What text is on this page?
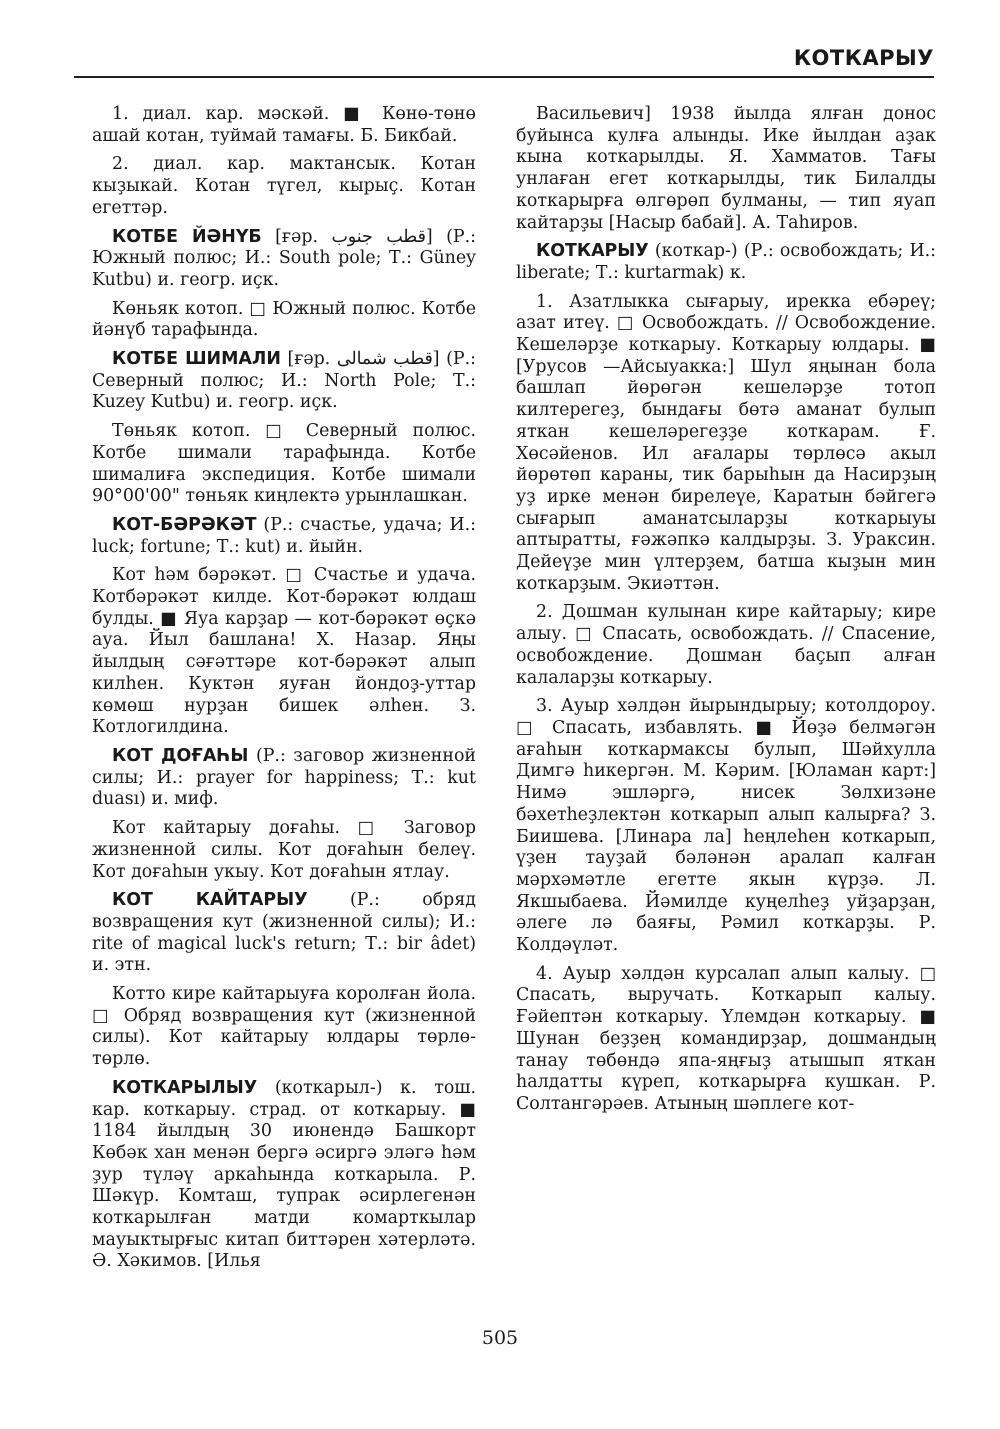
КОТКАРЫУ

1. диал. кар. мәскәй. ■ Көнө-төнө ашай котан, туймай тамағы. Б. Бикбай.

2. диал. кар. мактансык. Котан кыҙыкай. Котан түгел, кырыҫ. Котан егеттәр.

КОТБЕ ЙӘНҮБ [ғәр. قطب جنوب] (Р.: Южный полюс; И.: South pole; Т.: Güney Kutbu) и. геогр. иҫк.

Көньяк котоп. □ Южный полюс. Котбе йәнүб тарафында.

КОТБЕ ШИМАЛИ [ғәр. قطب شمالی] (Р.: Северный полюс; И.: North Pole; Т.: Kuzey Kutbu) и. геогр. иҫк.

Төньяк котоп. □ Северный полюс. Котбе шимали тарафында. Котбе шималиға экспедиция. Котбе шимали 90°00'00" төньяк киңлектә урынлашкан.

КОТ-БӘРӘКӘТ (Р.: счастье, удача; И.: luck; fortune; Т.: kut) и. йыйн.

Кот һәм бәрәкәт. □ Счастье и удача. Котбәрәкәт килде. Кот-бәрәкәт юлдаш булды. ■ Яуа карҙар — кот-бәрәкәт өҫкә ауа. Йыл башлана! Х. Назар. Яңы йылдың сәғәттәре кот-бәрәкәт алып килһен. Куктән яуған йондоҙ-уттар көмөш нурҙан бишек әлһен. З. Котлогилдина.

КОТ ДОҒАҺЫ (Р.: заговор жизненной силы; И.: prayer for happiness; Т.: kut duası) и. миф.

Кот кайтарыу доғаһы. □ Заговор жизненной силы. Кот доғаһын белеү. Кот доғаһын укыу. Кот доғаһын ятлау.

КОТ КАЙТАРЫУ (Р.: обряд возвращения кут (жизненной силы); И.: rite of magical luck's return; Т.: bir âdet) и. этн.

Котто кире кайтарыуға королған йола. □ Обряд возвращения кут (жизненной силы). Кот кайтарыу юлдары төрлө-төрлө.

КОТКАРЫЛЫУ (коткарыл-) к. тош. кар. коткарыу. страд. от коткарыу. ■ 1184 йылдың 30 июнендә Башкорт Көбәк хан менән бергә әсиргә эләгә һәм ҙур түләү аркаһында коткарыла. Р. Шәкүр. Комташ, тупрак әсирлегенән коткарылған матди комарткылар мауыктырғыс китап биттәрен хәтерләтә. Ә. Хәкимов. [Илья

Васильевич] 1938 йылда ялған донос буйынса кулға алынды. Ике йылдан аҙак кына коткарылды. Я. Хамматов. Тағы унлаған егет коткарылды, тик Билалды коткарырға өлгөрөп булманы, — тип яуап кайтарҙы [Насыр бабай]. А. Таһиров.

КОТКАРЫУ (коткар-) (Р.: освобождать; И.: liberate; Т.: kurtarmak) к.

1. Азатлыкка сығарыу, ирекка ебәреү; азат итеү. □ Освобождать. // Освобождение. Кешеләрҙе коткарыу. Коткарыу юлдары. ■ [Урусов —Айсыуакка:] Шул яңынан бола башлап йөрөгән кешеләрҙе тотоп килтерегеҙ, бындағы бөтә аманат булып яткан кешеләрегеҙҙе коткарам. Ғ. Хөсәйенов. Ил ағалары төрлөсә акыл йөрөтөп караны, тик барыһын да Насирҙың уҙ ирке менән бирелеүе, Каратын бәйгегә сығарып аманатсыларҙы коткарыуы аптыратты, ғәжәпкә калдырҙы. З. Ураксин. Дейеүҙе мин үлтерҙем, батша кыҙын мин коткарҙым. Экиәттән.

2. Дошман кулынан кире кайтарыу; кире алыу. □ Спасать, освобождать. // Спасение, освобождение. Дошман баҫып алған калаларҙы коткарыу.

3. Ауыр хәлдән йырындырыу; котолдороу. □ Спасать, избавлять. ■ Йөҙә белмәгән ағаһын коткармаксы булып, Шәйхулла Димгә һикергән. М. Кәрим. [Юламан карт:] Нимә эшләргә, нисек Зөлхизәне бәхетһеҙлектән коткарып алып калырға? З. Биишева. [Линара ла] һеңлеһен коткарып, үҙен тауҙай бәләнән аралап калған мәрхәмәтле егетте якын күрҙә. Л. Якшыбаева. Йәмилде куңелһеҙ уйҙарҙан, әлеге лә баяғы, Рәмил коткарҙы. Р. Колдәүләт.

4. Ауыр хәлдән курсалап алып калыу. □ Спасать, выручать. Коткарып калыу. Ғәйептән коткарыу. Үлемдән коткарыу. ■ Шунан беҙҙең командирҙар, дошмандың танау төбөндә япа-яңғыҙ атышып яткан һалдатты күреп, коткарырға кушкан. Р. Солтангәрәев. Атының шәплеге кот-

505
